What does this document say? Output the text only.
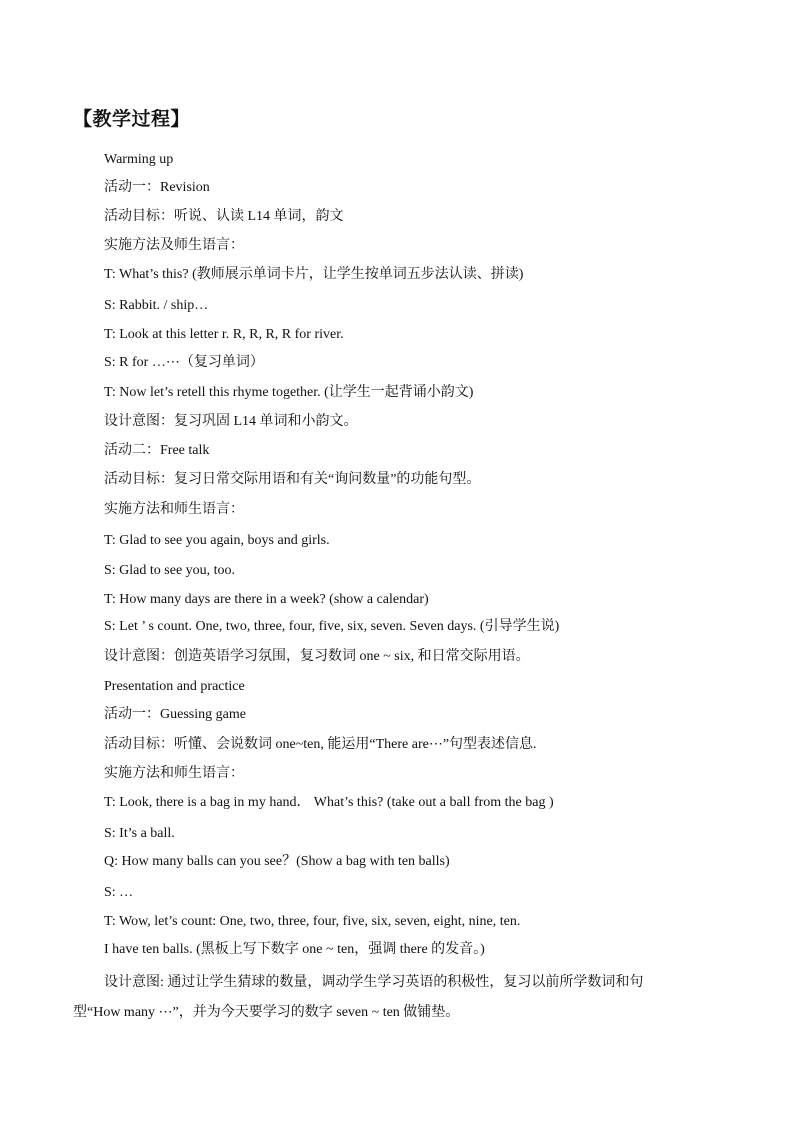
【教学过程】
Warming up
活动一：Revision
活动目标：听说、认读 L14 单词，韵文
实施方法及师生语言：
T: What’s this? (教师展示单词卡片，让学生按单词五步法认读、拼读)
S: Rabbit. / ship…
T: Look at this letter r. R, R, R, R for river.
S: R for …⋯（复习单词）
T: Now let’s retell this rhyme together. (让学生一起背诵小韵文)
设计意图：复习巩固 L14 单词和小韵文。
活动二：Free talk
活动目标：复习日常交际用语和有关“询问数量”的功能句型。
实施方法和师生语言：
T: Glad to see you again, boys and girls.
S: Glad to see you, too.
T: How many days are there in a week? (show a calendar)
S: Let ’ s count. One, two, three, four, five, six, seven. Seven days. (引导学生说)
设计意图：创造英语学习氛围，复习数词 one ~ six, 和日常交际用语。
Presentation and practice
活动一：Guessing game
活动目标：听懂、会说数词 one~ten, 能运用“There are⋯”句型表述信息.
实施方法和师生语言：
T: Look, there is a bag in my hand． What’s this? (take out a ball from the bag )
S: It’s a ball.
Q: How many balls can you see？(Show a bag with ten balls)
S: …
T: Wow, let’s count: One, two, three, four, five, six, seven, eight, nine, ten.
I have ten balls. (黑板上写下数字 one ~ ten，强调 there 的发音。)
设计意图: 通过让学生猜球的数量，调动学生学习英语的积极性，复习以前所学数词和句
型“How many ⋯”，并为今天要学习的数字 seven ~ ten 做铺垫。
